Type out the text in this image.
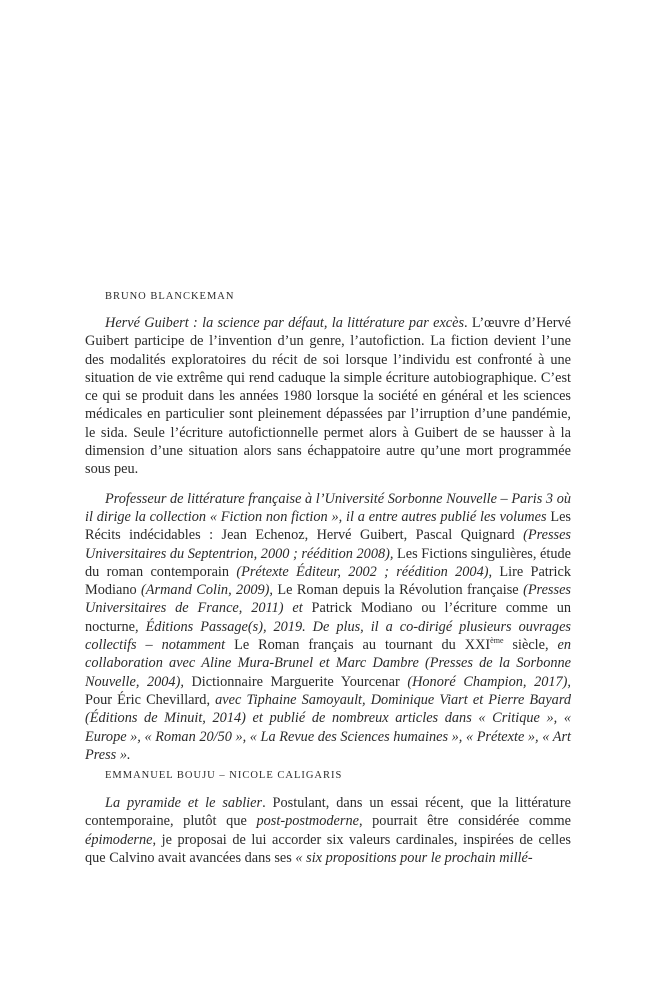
BRUNO BLANCKEMAN

Hervé Guibert : la science par défaut, la littérature par excès. L’œuvre d’Hervé Guibert participe de l’invention d’un genre, l’autofiction. La fiction devient l’une des modalités exploratoires du récit de soi lorsque l’individu est confronté à une situation de vie extrême qui rend caduque la simple écriture autobiographique. C’est ce qui se produit dans les années 1980 lorsque la société en général et les sciences médicales en particulier sont pleinement dépassées par l’irruption d’une pandémie, le sida. Seule l’écriture autofictionnelle permet alors à Guibert de se hausser à la dimension d’une situation alors sans échappatoire autre qu’une mort programmée sous peu.

Professeur de littérature française à l’Université Sorbonne Nouvelle – Paris 3 où il dirige la collection « Fiction non fiction », il a entre autres publié les volumes Les Récits indécidables : Jean Echenoz, Hervé Guibert, Pascal Quignard (Presses Universitaires du Septentrion, 2000 ; réédition 2008), Les Fictions singulières, étude du roman contemporain (Prétexte Éditeur, 2002 ; réédition 2004), Lire Patrick Modiano (Armand Colin, 2009), Le Roman depuis la Révolution française (Presses Universitaires de France, 2011) et Patrick Modiano ou l’écriture comme un nocturne, Éditions Passage(s), 2019. De plus, il a co-dirigé plusieurs ouvrages collectifs – notamment Le Roman français au tournant du XXIème siècle, en collaboration avec Aline Mura-Brunel et Marc Dambre (Presses de la Sorbonne Nouvelle, 2004), Dictionnaire Marguerite Yourcenar (Honoré Champion, 2017), Pour Éric Chevillard, avec Tiphaine Samoyault, Dominique Viart et Pierre Bayard (Éditions de Minuit, 2014) et publié de nombreux articles dans « Critique », « Europe », « Roman 20/50 », « La Revue des Sciences humaines », « Prétexte », « Art Press ».

EMMANUEL BOUJU – NICOLE CALIGARIS

La pyramide et le sablier. Postulant, dans un essai récent, que la littérature contemporaine, plutôt que post-postmoderne, pourrait être considérée comme épimoderne, je proposai de lui accorder six valeurs cardinales, inspirées de celles que Calvino avait avancées dans ses « six propositions pour le prochain millé-
